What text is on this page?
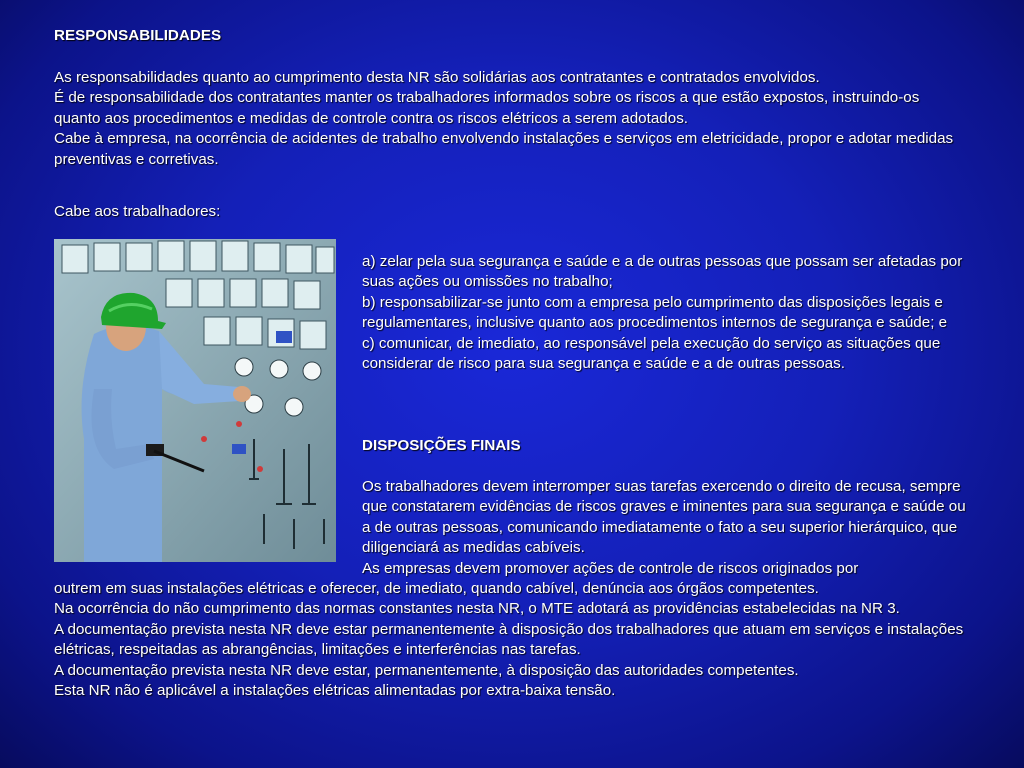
RESPONSABILIDADES
As responsabilidades quanto ao cumprimento desta NR são solidárias aos contratantes e contratados envolvidos.
É de responsabilidade dos contratantes manter os trabalhadores informados sobre os riscos a que estão expostos, instruindo-os quanto aos procedimentos e medidas de controle contra os riscos elétricos a serem adotados.
Cabe à empresa, na ocorrência de acidentes de trabalho envolvendo instalações e serviços em eletricidade, propor e adotar medidas preventivas e corretivas.
Cabe aos trabalhadores:
a) zelar pela sua segurança e saúde e a de outras pessoas que possam ser afetadas por suas ações ou omissões no trabalho;
b) responsabilizar-se junto com a empresa pelo cumprimento das disposições legais e regulamentares, inclusive quanto aos procedimentos internos de segurança e saúde; e
c) comunicar, de imediato, ao responsável pela execução do serviço as situações que considerar de risco para sua segurança e saúde e a de outras pessoas.
DISPOSIÇÕES FINAIS
Os trabalhadores devem interromper suas tarefas exercendo o direito de recusa, sempre que constatarem evidências de riscos graves e iminentes para sua segurança e saúde ou a de outras pessoas, comunicando imediatamente o fato a seu superior hierárquico, que diligenciará as medidas cabíveis.
As empresas devem promover ações de controle de riscos originados por
outrem em suas instalações elétricas e oferecer, de imediato, quando cabível, denúncia aos órgãos competentes.
Na ocorrência do não cumprimento das normas constantes nesta NR, o MTE adotará as providências estabelecidas na NR 3.
A documentação prevista nesta NR deve estar permanentemente à disposição dos trabalhadores que atuam em serviços e instalações elétricas, respeitadas as abrangências, limitações e interferências nas tarefas.
A documentação prevista nesta NR deve estar, permanentemente, à disposição das autoridades competentes.
Esta NR não é aplicável a instalações elétricas alimentadas por extra-baixa tensão.
